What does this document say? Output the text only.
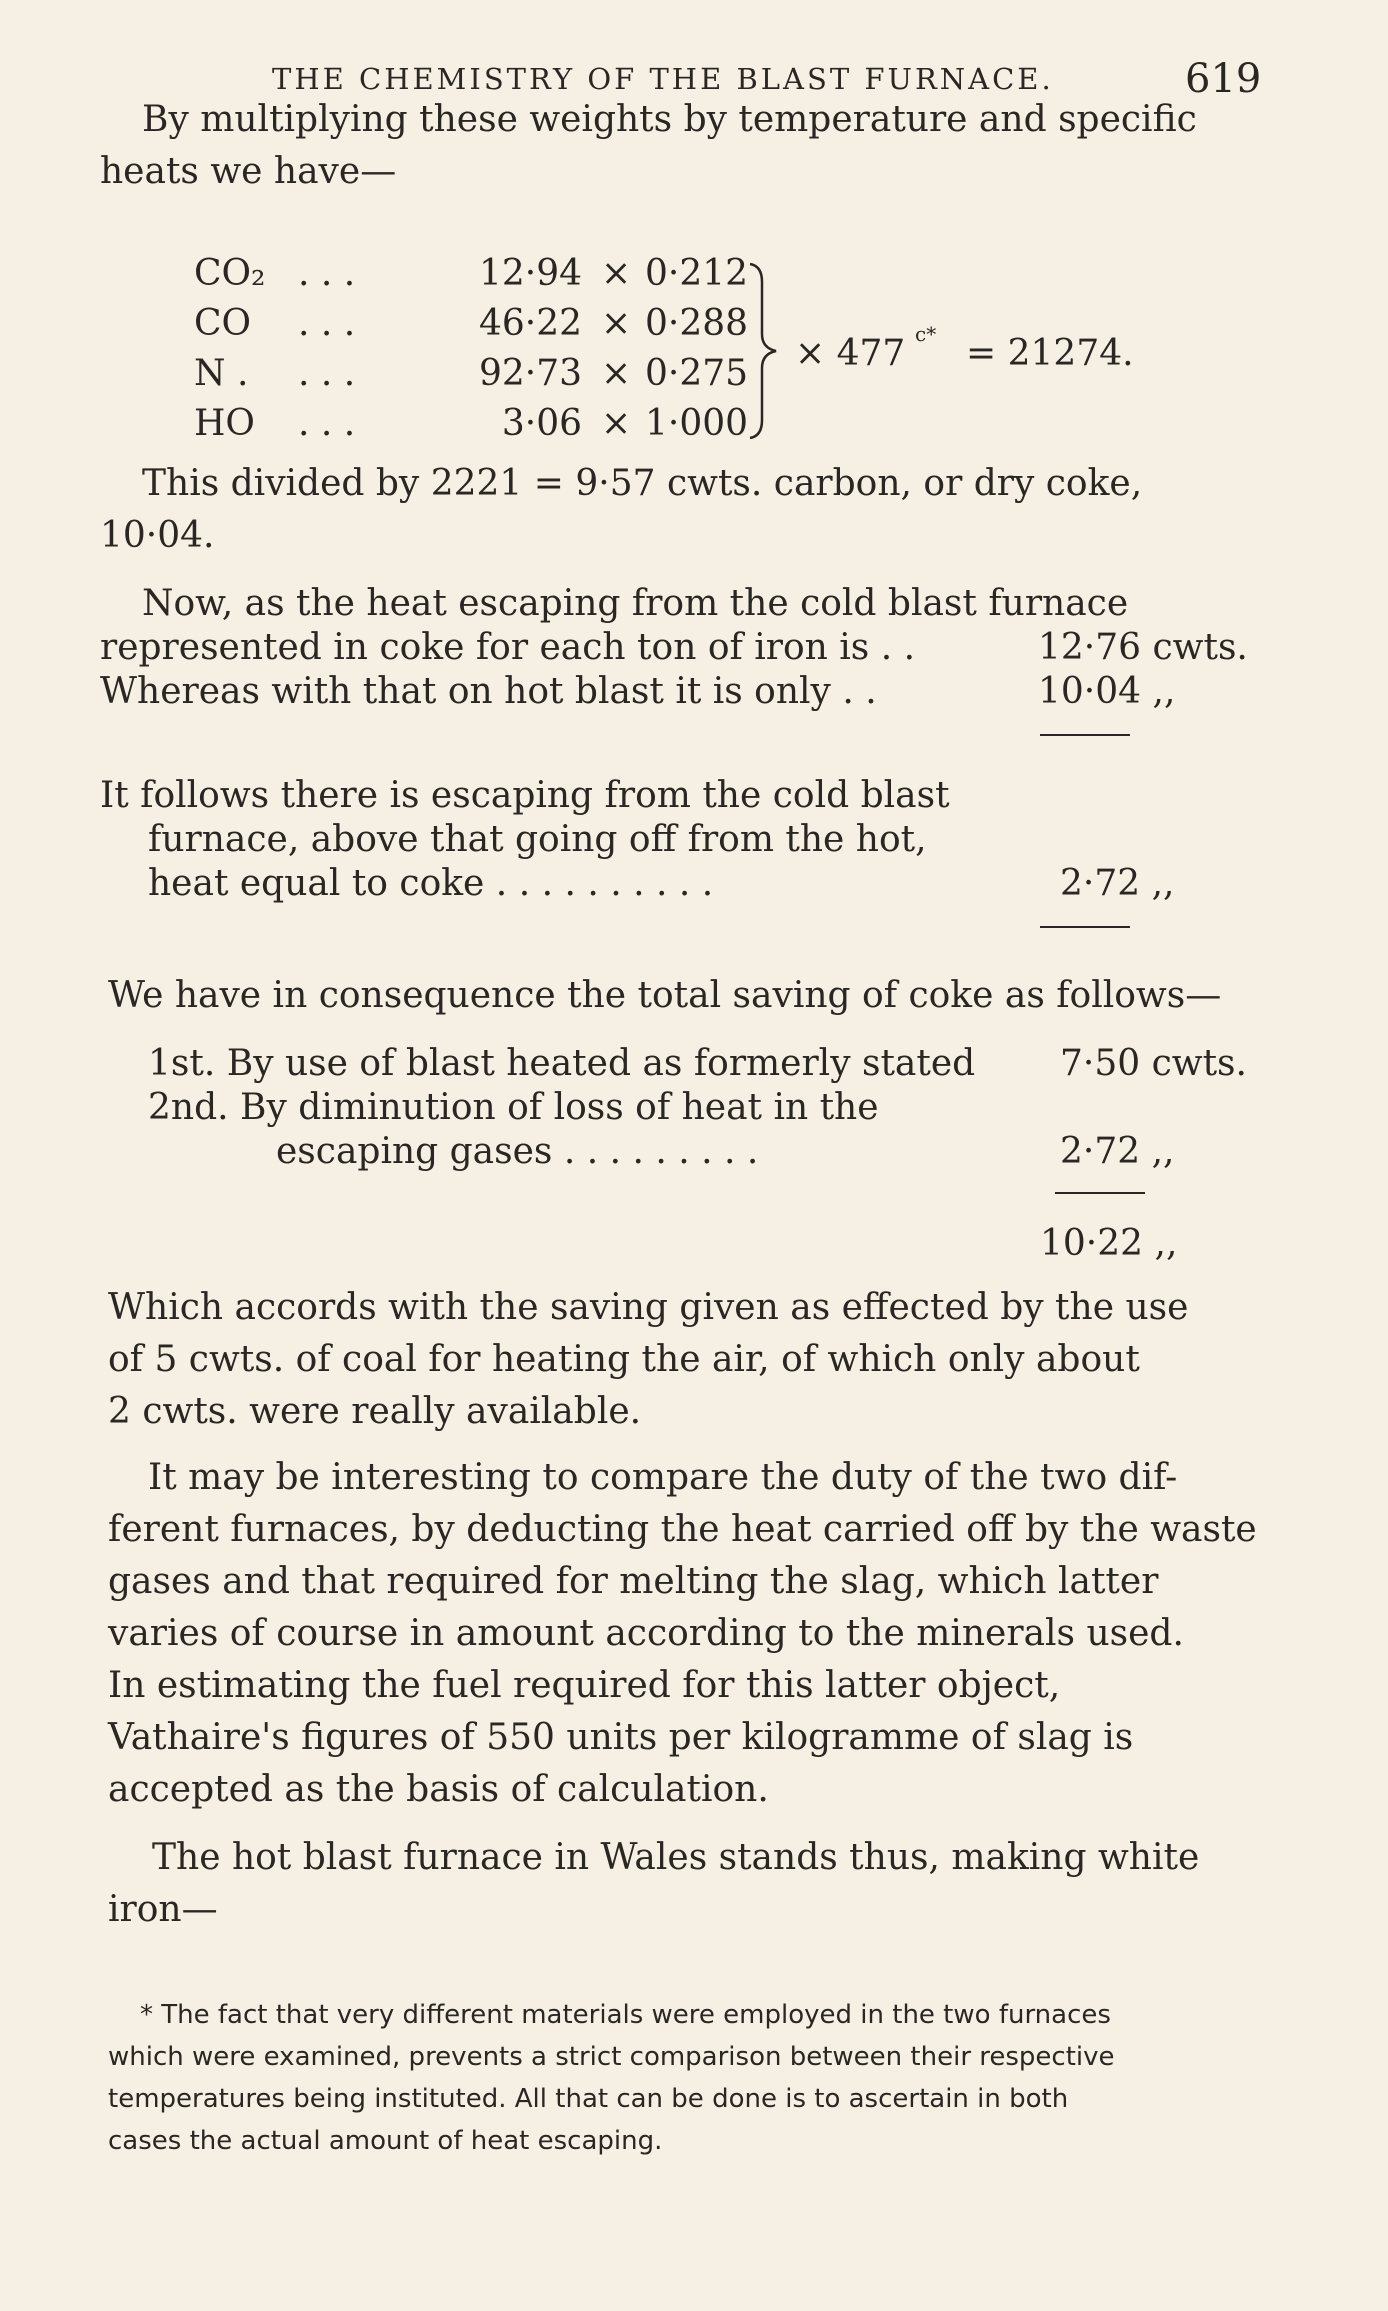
THE CHEMISTRY OF THE BLAST FURNACE.	619
By multiplying these weights by temperature and specific
heats we have—
CO₂ . . .	12·94 × 0·212
CO . . .	46·22 × 0·288
N . . . .	92·73 × 0·275
HO . . .	3·06 × 1·000
× 477 c* = 21274.
This divided by 2221 = 9·57 cwts. carbon, or dry coke,
10·04.
Now, as the heat escaping from the cold blast furnace
represented in coke for each ton of iron is . .	12·76 cwts.
Whereas with that on hot blast it is only . .	10·04 ,,
It follows there is escaping from the cold blast
furnace, above that going off from the hot,
heat equal to coke . . . . . . . . . .	2·72 ,,
We have in consequence the total saving of coke as follows—
1st. By use of blast heated as formerly stated 7·50 cwts.
2nd. By diminution of loss of heat in the
escaping gases . . . . . . . . .	2·72 ,,
10·22 ,,
Which accords with the saving given as effected by the use
of 5 cwts. of coal for heating the air, of which only about
2 cwts. were really available.
It may be interesting to compare the duty of the two dif-
ferent furnaces, by deducting the heat carried off by the waste
gases and that required for melting the slag, which latter
varies of course in amount according to the minerals used.
In estimating the fuel required for this latter object,
Vathaire's figures of 550 units per kilogramme of slag is
accepted as the basis of calculation.
The hot blast furnace in Wales stands thus, making white
iron—
* The fact that very different materials were employed in the two furnaces
which were examined, prevents a strict comparison between their respective
temperatures being instituted. All that can be done is to ascertain in both
cases the actual amount of heat escaping.
